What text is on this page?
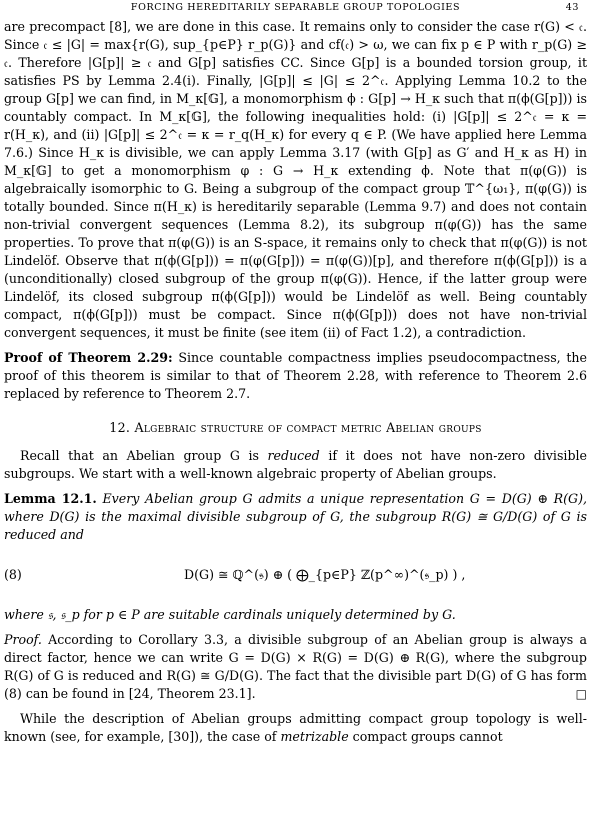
FORCING HEREDITARILY SEPARABLE GROUP TOPOLOGIES	43

are precompact [8], we are done in this case. It remains only to consider the case r(G) < 𝔠. Since 𝔠 ≤ |G| = max{r(G), sup_{p∈P} r_p(G)} and cf(𝔠) > ω, we can fix p ∈ P with r_p(G) ≥ 𝔠. Therefore |G[p]| ≥ 𝔠 and G[p] satisfies CC. Since G[p] is a bounded torsion group, it satisfies PS by Lemma 2.4(i). Finally, |G[p]| ≤ |G| ≤ 2^𝔠. Applying Lemma 10.2 to the group G[p] we can find, in M_κ[𝔾], a monomorphism ϕ : G[p] → H_κ such that π(ϕ(G[p])) is countably compact. In M_κ[𝔾], the following inequalities hold: (i) |G[p]| ≤ 2^𝔠 = κ = r(H_κ), and (ii) |G[p]| ≤ 2^𝔠 = κ = r_q(H_κ) for every q ∈ P. (We have applied here Lemma 7.6.) Since H_κ is divisible, we can apply Lemma 3.17 (with G[p] as G′ and H_κ as H) in M_κ[𝔾] to get a monomorphism φ : G → H_κ extending ϕ. Note that π(φ(G)) is algebraically isomorphic to G. Being a subgroup of the compact group 𝕋^{ω₁}, π(φ(G)) is totally bounded. Since π(H_κ) is hereditarily separable (Lemma 9.7) and does not contain non-trivial convergent sequences (Lemma 8.2), its subgroup π(φ(G)) has the same properties. To prove that π(φ(G)) is an S-space, it remains only to check that π(φ(G)) is not Lindelöf. Observe that π(ϕ(G[p])) = π(φ(G[p])) = π(φ(G))[p], and therefore π(ϕ(G[p])) is a (unconditionally) closed subgroup of the group π(φ(G)). Hence, if the latter group were Lindelöf, its closed subgroup π(ϕ(G[p])) would be Lindelöf as well. Being countably compact, π(ϕ(G[p])) must be compact. Since π(ϕ(G[p])) does not have non-trivial convergent sequences, it must be finite (see item (ii) of Fact 1.2), a contradiction.

Proof of Theorem 2.29: Since countable compactness implies pseudocompactness, the proof of this theorem is similar to that of Theorem 2.28, with reference to Theorem 2.6 replaced by reference to Theorem 2.7.

12. Algebraic structure of compact metric Abelian groups

Recall that an Abelian group G is reduced if it does not have non-zero divisible subgroups. We start with a well-known algebraic property of Abelian groups.

Lemma 12.1. Every Abelian group G admits a unique representation G = D(G) ⊕ R(G), where D(G) is the maximal divisible subgroup of G, the subgroup R(G) ≅ G/D(G) of G is reduced and

(8)	D(G) ≅ ℚ^(𝔰) ⊕ ( ⨁_{p∈P} ℤ(p^∞)^(𝔰_p) ) ,

where 𝔰, 𝔰_p for p ∈ P are suitable cardinals uniquely determined by G.

Proof. According to Corollary 3.3, a divisible subgroup of an Abelian group is always a direct factor, hence we can write G = D(G) × R(G) = D(G) ⊕ R(G), where the subgroup R(G) of G is reduced and R(G) ≅ G/D(G). The fact that the divisible part D(G) of G has form (8) can be found in [24, Theorem 23.1].	□

While the description of Abelian groups admitting compact group topology is well-known (see, for example, [30]), the case of metrizable compact groups cannot
